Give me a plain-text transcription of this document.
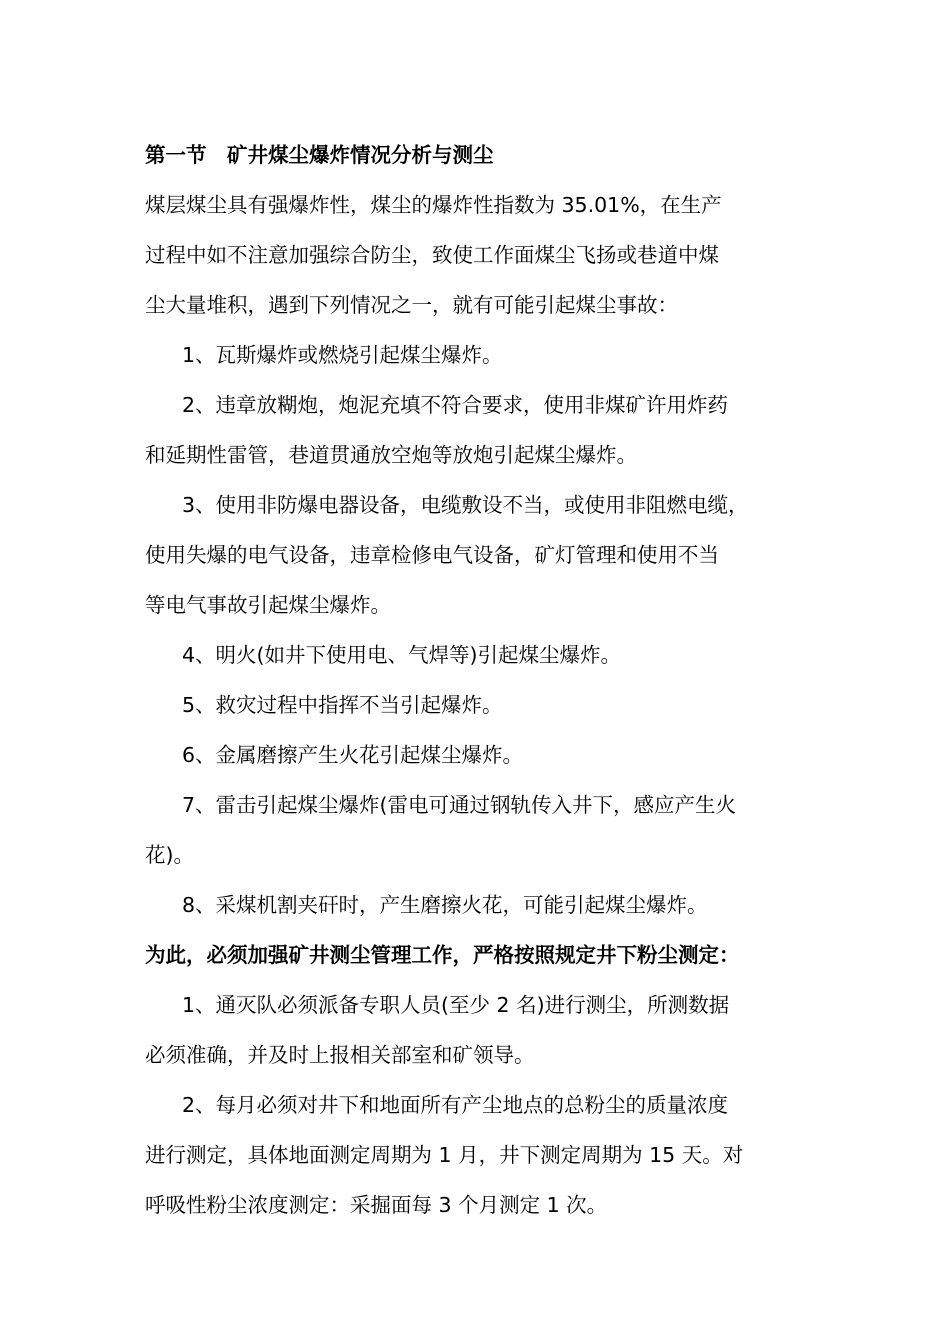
第一节　矿井煤尘爆炸情况分析与测尘

煤层煤尘具有强爆炸性，煤尘的爆炸性指数为 35.01%，在生产

过程中如不注意加强综合防尘，致使工作面煤尘飞扬或巷道中煤

尘大量堆积，遇到下列情况之一，就有可能引起煤尘事故：

1、瓦斯爆炸或燃烧引起煤尘爆炸。

2、违章放糊炮，炮泥充填不符合要求，使用非煤矿许用炸药

和延期性雷管，巷道贯通放空炮等放炮引起煤尘爆炸。

3、使用非防爆电器设备，电缆敷设不当，或使用非阻燃电缆，

使用失爆的电气设备，违章检修电气设备，矿灯管理和使用不当

等电气事故引起煤尘爆炸。

4、明火(如井下使用电、气焊等)引起煤尘爆炸。

5、救灾过程中指挥不当引起爆炸。

6、金属磨擦产生火花引起煤尘爆炸。

7、雷击引起煤尘爆炸(雷电可通过钢轨传入井下，感应产生火

花)。

8、采煤机割夹矸时，产生磨擦火花，可能引起煤尘爆炸。

为此，必须加强矿井测尘管理工作，严格按照规定井下粉尘测定：

1、通灭队必须派备专职人员(至少 2 名)进行测尘，所测数据

必须准确，并及时上报相关部室和矿领导。

2、每月必须对井下和地面所有产尘地点的总粉尘的质量浓度

进行测定，具体地面测定周期为 1 月，井下测定周期为 15 天。对

呼吸性粉尘浓度测定：采掘面每 3 个月测定 1 次。
